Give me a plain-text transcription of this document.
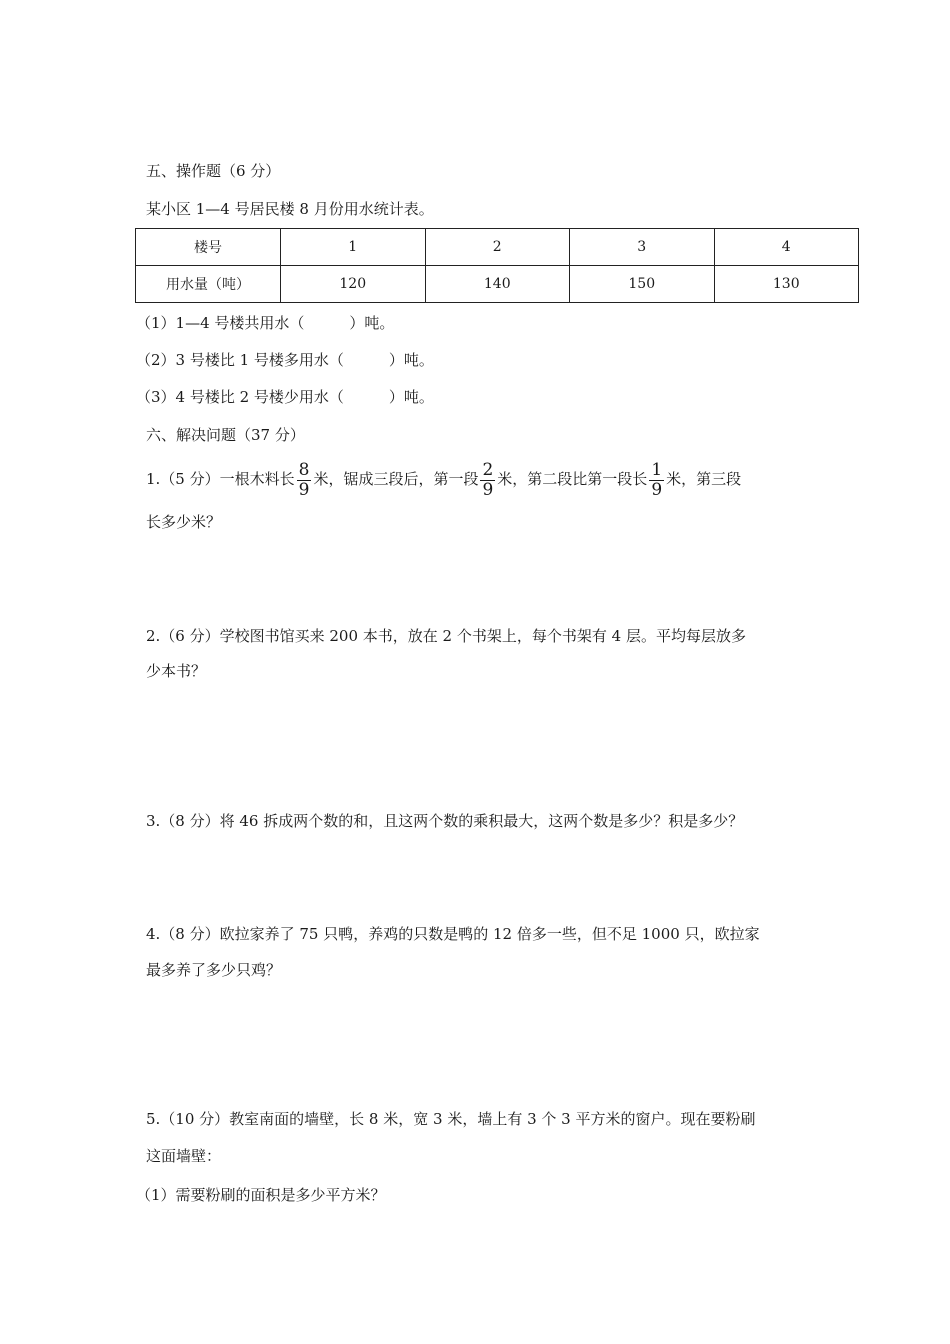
五、操作题（6 分）
某小区 1—4 号居民楼 8 月份用水统计表。
楼号	1	2	3	4
用水量（吨）	120	140	150	130
（1）1—4 号楼共用水（　　　）吨。
（2）3 号楼比 1 号楼多用水（　　　）吨。
（3）4 号楼比 2 号楼少用水（　　　）吨。
六、解决问题（37 分）
1.（5 分）一根木料长 $\frac{8}{9}$ 米，锯成三段后，第一段 $\frac{2}{9}$ 米，第二段比第一段长 $\frac{1}{9}$ 米，第三段
长多少米？
2.（6 分）学校图书馆买来 200 本书，放在 2 个书架上，每个书架有 4 层。平均每层放多
少本书？
3.（8 分）将 46 拆成两个数的和，且这两个数的乘积最大，这两个数是多少？积是多少？
4.（8 分）欧拉家养了 75 只鸭，养鸡的只数是鸭的 12 倍多一些，但不足 1000 只，欧拉家
最多养了多少只鸡？
5.（10 分）教室南面的墙壁，长 8 米，宽 3 米，墙上有 3 个 3 平方米的窗户。现在要粉刷
这面墙壁：
（1）需要粉刷的面积是多少平方米？
